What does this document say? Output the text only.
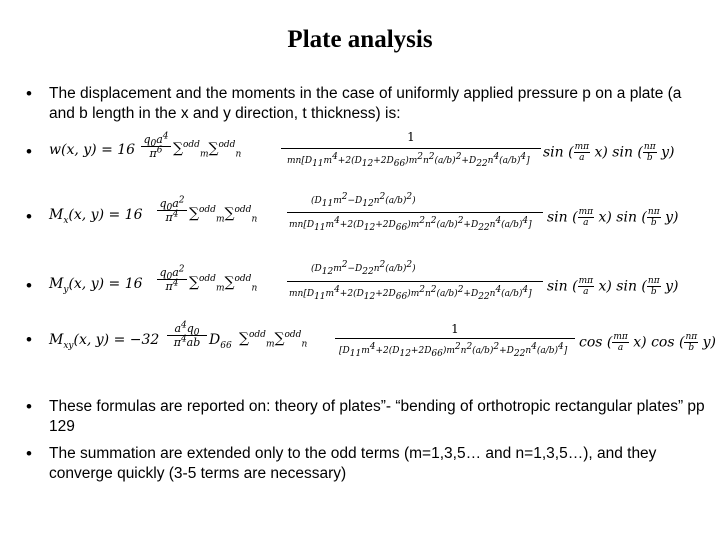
Plate analysis
• The displacement and the moments in the case of uniformly applied pressure p on a plate (a and b length in the x and y direction, t thickness) is:
• w(x, y) = 16
$q_0a^4$
$\pi^6$ ∑$^{odd}_m$∑$^{odd}_n$
1
$mn[D_{11}m^4+2(D_{12}+2D_{66})m^2n^2(a/b)^2+D_{22}n^4(a/b)^4]$
sin ( $\frac{m\pi}{a} x$) sin ( $\frac{n\pi}{b} y$)
• $M_x(x$, y) = 16
$q_0a^2$
$\pi^4$ ∑$^{odd}_m$∑$^{odd}_n$
$(D_{11}m^2-D_{12}n^2(a/b)^2)$
$mn[D_{11}m^4+2(D_{12}+2D_{66})m^2n^2(a/b)^2+D_{22}n^4(a/b)^4]$ sin ( $\frac{m\pi}{a} x$) sin ( $\frac{n\pi}{b} y$)
• $M_y(x$, y) = 16
$q_0a^2$
$\pi^4$ ∑$^{odd}_m$∑$^{odd}_n$
$(D_{12}m^2-D_{22}n^2(a/b)^2)$
$mn[D_{11}m^4+2(D_{12}+2D_{66})m^2n^2(a/b)^2+D_{22}n^4(a/b)^4]$ sin ( $\frac{m\pi}{a} x$) sin ( $\frac{n\pi}{b} y$)
• $M_{xy}(x$, y) = −32
$a^4q_0$
$\pi^4ab$ $D_{66}$ ∑$^{odd}_m$∑$^{odd}_n$
1
$[D_{11}m^4+2(D_{12}+2D_{66})m^2n^2(a/b)^2+D_{22}n^4(a/b)^4]$
cos ( $\frac{m\pi}{a} x$) cos ( $\frac{n\pi}{b} y$)
• These formulas are reported on: theory of plates”- “bending of orthotropic rectangular plates” pp 129
• The summation are extended only to the odd terms (m=1,3,5… and n=1,3,5…), and they converge quickly (3-5 terms are necessary)
